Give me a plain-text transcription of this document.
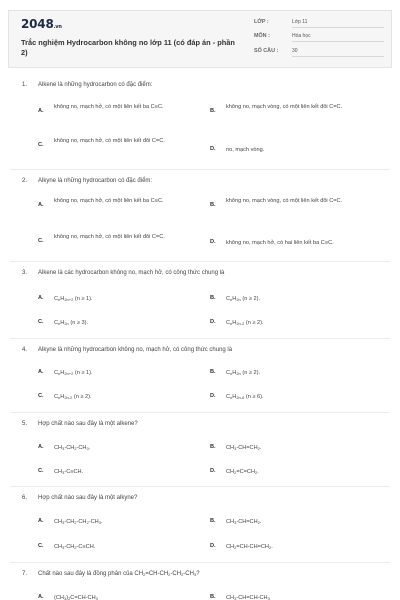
2048.vn
Trắc nghiệm Hydrocarbon không no lớp 11 (có đáp án - phần 2)
LỚP :	Lớp 11
MÔN :	Hóa học
SỐ CÂU :	30
1. Alkene là những hydrocarbon có đặc điểm:
A.
không no, mạch hở, có một liên kết ba C≡C.
B.
không no, mạch vòng, có một liên kết đôi C=C.
C.
không no, mạch hở, có một liên kết đôi C=C.
D. no, mạch vòng.
2. Alkyne là những hydrocarbon có đặc điểm:
A.
không no, mạch hở, có một liên kết ba C≡C.
B.
không no, mạch vòng, có một liên kết đôi C=C.
C.
không no, mạch hở, có một liên kết đôi C=C.
D. không no, mạch hở, có hai liên kết ba C≡C.
3. Alkene là các hydrocarbon không no, mạch hở, có công thức chung là
A. $C_nH_{2n+2}$ (n ≥ 1).	B. $C_nH_{2n}$ (n ≥ 2).
C. $C_nH_{2n}$ (n ≥ 3).	D. $C_nH_{2n-2}$ (n ≥ 2).
4. Alkyne là những hydrocarbon không no, mạch hở, có công thức chung là
A. $C_nH_{2n+2}$ (n ≥ 1).	B. $C_nH_{2n}$ (n ≥ 2).
C. $C_nH_{2n-2}$ (n ≥ 2).	D. $C_nH_{2n-6}$ (n ≥ 6).
5. Hợp chất nào sau đây là một alkene?
A. $CH_3-CH_2-CH_3$.	B. $CH_3-CH=CH_2$.
C. $CH_3-C\equiv CH$.	D. $CH_2=C=CH_2$.
6. Hợp chất nào sau đây là một alkyne?
A. $CH_3-CH_2-CH_2-CH_3$.	B. $CH_3-CH=CH_2$.
C. $CH_3-CH_2-C\equiv CH$.	D. $CH_2=CH-CH=CH_2$.
7. Chất nào sau đây là đồng phân của $CH_2=CH-CH_2-CH_2-CH_3$?
A. $(CH_3)_2C=CH-CH_3$	B. $CH_3-CH=CH-CH_3$
